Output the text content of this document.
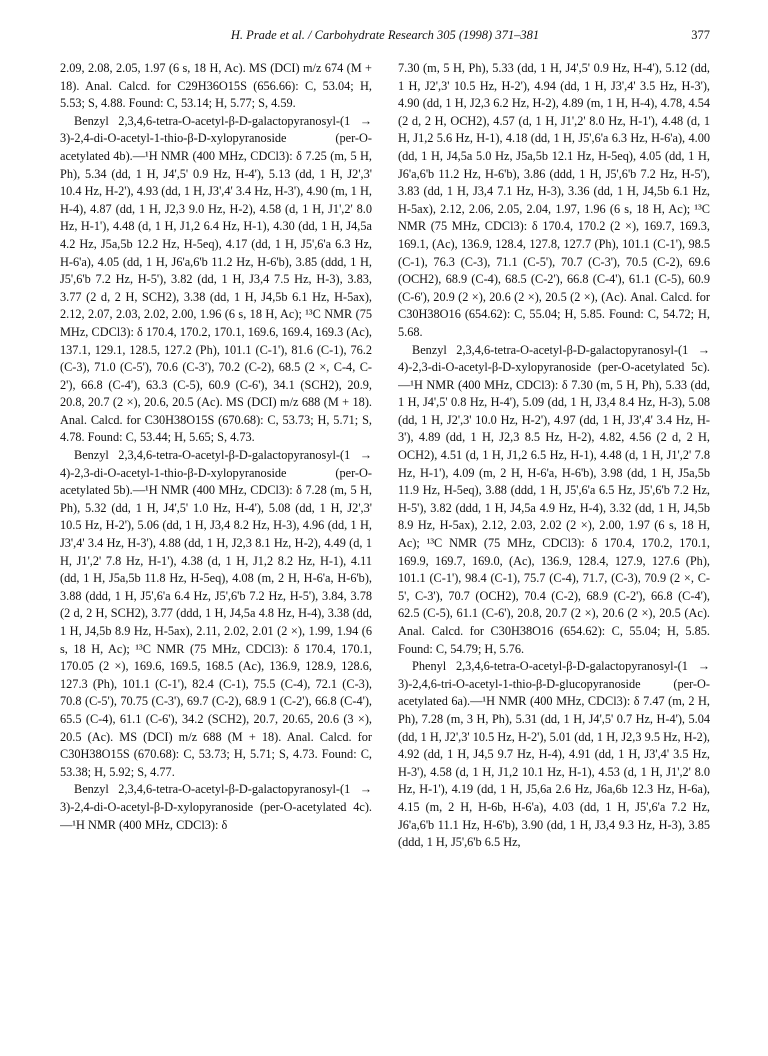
H. Prade et al. / Carbohydrate Research 305 (1998) 371–381	377

2.09, 2.08, 2.05, 1.97 (6 s, 18 H, Ac). MS (DCI) m/z 674 (M + 18). Anal. Calcd. for C29H36O15S (656.66): C, 53.04; H, 5.53; S, 4.88. Found: C, 53.14; H, 5.77; S, 4.59.

Benzyl 2,3,4,6-tetra-O-acetyl-β-D-galactopyranosyl-(1 → 3)-2,4-di-O-acetyl-1-thio-β-D-xylopyranoside (per-O-acetylated 4b).—¹H NMR (400 MHz, CDCl3): δ 7.25 (m, 5 H, Ph), 5.34 (dd, 1 H, J4',5' 0.9 Hz, H-4'), 5.13 (dd, 1 H, J2',3' 10.4 Hz, H-2'), 4.93 (dd, 1 H, J3',4' 3.4 Hz, H-3'), 4.90 (m, 1 H, H-4), 4.87 (dd, 1 H, J2,3 9.0 Hz, H-2), 4.58 (d, 1 H, J1',2' 8.0 Hz, H-1'), 4.48 (d, 1 H, J1,2 6.4 Hz, H-1), 4.30 (dd, 1 H, J4,5a 4.2 Hz, J5a,5b 12.2 Hz, H-5eq), 4.17 (dd, 1 H, J5',6'a 6.3 Hz, H-6'a), 4.05 (dd, 1 H, J6'a,6'b 11.2 Hz, H-6'b), 3.85 (ddd, 1 H, J5',6'b 7.2 Hz, H-5'), 3.82 (dd, 1 H, J3,4 7.5 Hz, H-3), 3.83, 3.77 (2 d, 2 H, SCH2), 3.38 (dd, 1 H, J4,5b 6.1 Hz, H-5ax), 2.12, 2.07, 2.03, 2.02, 2.00, 1.96 (6 s, 18 H, Ac); ¹³C NMR (75 MHz, CDCl3): δ 170.4, 170.2, 170.1, 169.6, 169.4, 169.3 (Ac), 137.1, 129.1, 128.5, 127.2 (Ph), 101.1 (C-1'), 81.6 (C-1), 76.2 (C-3), 71.0 (C-5'), 70.6 (C-3'), 70.2 (C-2), 68.5 (2 ×, C-4, C-2'), 66.8 (C-4'), 63.3 (C-5), 60.9 (C-6'), 34.1 (SCH2), 20.9, 20.8, 20.7 (2 ×), 20.6, 20.5 (Ac). MS (DCI) m/z 688 (M + 18). Anal. Calcd. for C30H38O15S (670.68): C, 53.73; H, 5.71; S, 4.78. Found: C, 53.44; H, 5.65; S, 4.73.

Benzyl 2,3,4,6-tetra-O-acetyl-β-D-galactopyranosyl-(1 → 4)-2,3-di-O-acetyl-1-thio-β-D-xylopyranoside (per-O-acetylated 5b).—¹H NMR (400 MHz, CDCl3): δ 7.28 (m, 5 H, Ph), 5.32 (dd, 1 H, J4',5' 1.0 Hz, H-4'), 5.08 (dd, 1 H, J2',3' 10.5 Hz, H-2'), 5.06 (dd, 1 H, J3,4 8.2 Hz, H-3), 4.96 (dd, 1 H, J3',4' 3.4 Hz, H-3'), 4.88 (dd, 1 H, J2,3 8.1 Hz, H-2), 4.49 (d, 1 H, J1',2' 7.8 Hz, H-1'), 4.38 (d, 1 H, J1,2 8.2 Hz, H-1), 4.11 (dd, 1 H, J5a,5b 11.8 Hz, H-5eq), 4.08 (m, 2 H, H-6'a, H-6'b), 3.88 (ddd, 1 H, J5',6'a 6.4 Hz, J5',6'b 7.2 Hz, H-5'), 3.84, 3.78 (2 d, 2 H, SCH2), 3.77 (ddd, 1 H, J4,5a 4.8 Hz, H-4), 3.38 (dd, 1 H, J4,5b 8.9 Hz, H-5ax), 2.11, 2.02, 2.01 (2 ×), 1.99, 1.94 (6 s, 18 H, Ac); ¹³C NMR (75 MHz, CDCl3): δ 170.4, 170.1, 170.05 (2 ×), 169.6, 169.5, 168.5 (Ac), 136.9, 128.9, 128.6, 127.3 (Ph), 101.1 (C-1'), 82.4 (C-1), 75.5 (C-4), 72.1 (C-3), 70.8 (C-5'), 70.75 (C-3'), 69.7 (C-2), 68.9 1 (C-2'), 66.8 (C-4'), 65.5 (C-4), 61.1 (C-6'), 34.2 (SCH2), 20.7, 20.65, 20.6 (3 ×), 20.5 (Ac). MS (DCI) m/z 688 (M + 18). Anal. Calcd. for C30H38O15S (670.68): C, 53.73; H, 5.71; S, 4.73. Found: C, 53.38; H, 5.92; S, 4.77.

Benzyl 2,3,4,6-tetra-O-acetyl-β-D-galactopyranosyl-(1 → 3)-2,4-di-O-acetyl-β-D-xylopyranoside (per-O-acetylated 4c).—¹H NMR (400 MHz, CDCl3): δ

7.30 (m, 5 H, Ph), 5.33 (dd, 1 H, J4',5' 0.9 Hz, H-4'), 5.12 (dd, 1 H, J2',3' 10.5 Hz, H-2'), 4.94 (dd, 1 H, J3',4' 3.5 Hz, H-3'), 4.90 (dd, 1 H, J2,3 6.2 Hz, H-2), 4.89 (m, 1 H, H-4), 4.78, 4.54 (2 d, 2 H, OCH2), 4.57 (d, 1 H, J1',2' 8.0 Hz, H-1'), 4.48 (d, 1 H, J1,2 5.6 Hz, H-1), 4.18 (dd, 1 H, J5',6'a 6.3 Hz, H-6'a), 4.00 (dd, 1 H, J4,5a 5.0 Hz, J5a,5b 12.1 Hz, H-5eq), 4.05 (dd, 1 H, J6'a,6'b 11.2 Hz, H-6'b), 3.86 (ddd, 1 H, J5',6'b 7.2 Hz, H-5'), 3.83 (dd, 1 H, J3,4 7.1 Hz, H-3), 3.36 (dd, 1 H, J4,5b 6.1 Hz, H-5ax), 2.12, 2.06, 2.05, 2.04, 1.97, 1.96 (6 s, 18 H, Ac); ¹³C NMR (75 MHz, CDCl3): δ 170.4, 170.2 (2 ×), 169.7, 169.3, 169.1, (Ac), 136.9, 128.4, 127.8, 127.7 (Ph), 101.1 (C-1'), 98.5 (C-1), 76.3 (C-3), 71.1 (C-5'), 70.7 (C-3'), 70.5 (C-2), 69.6 (OCH2), 68.9 (C-4), 68.5 (C-2'), 66.8 (C-4'), 61.1 (C-5), 60.9 (C-6'), 20.9 (2 ×), 20.6 (2 ×), 20.5 (2 ×), (Ac). Anal. Calcd. for C30H38O16 (654.62): C, 55.04; H, 5.85. Found: C, 54.72; H, 5.68.

Benzyl 2,3,4,6-tetra-O-acetyl-β-D-galactopyranosyl-(1 → 4)-2,3-di-O-acetyl-β-D-xylopyranoside (per-O-acetylated 5c).—¹H NMR (400 MHz, CDCl3): δ 7.30 (m, 5 H, Ph), 5.33 (dd, 1 H, J4',5' 0.8 Hz, H-4'), 5.09 (dd, 1 H, J3,4 8.4 Hz, H-3), 5.08 (dd, 1 H, J2',3' 10.0 Hz, H-2'), 4.97 (dd, 1 H, J3',4' 3.4 Hz, H-3'), 4.89 (dd, 1 H, J2,3 8.5 Hz, H-2), 4.82, 4.56 (2 d, 2 H, OCH2), 4.51 (d, 1 H, J1,2 6.5 Hz, H-1), 4.48 (d, 1 H, J1',2' 7.8 Hz, H-1'), 4.09 (m, 2 H, H-6'a, H-6'b), 3.98 (dd, 1 H, J5a,5b 11.9 Hz, H-5eq), 3.88 (ddd, 1 H, J5',6'a 6.5 Hz, J5',6'b 7.2 Hz, H-5'), 3.82 (ddd, 1 H, J4,5a 4.9 Hz, H-4), 3.32 (dd, 1 H, J4,5b 8.9 Hz, H-5ax), 2.12, 2.03, 2.02 (2 ×), 2.00, 1.97 (6 s, 18 H, Ac); ¹³C NMR (75 MHz, CDCl3): δ 170.4, 170.2, 170.1, 169.9, 169.7, 169.0, (Ac), 136.9, 128.4, 127.9, 127.6 (Ph), 101.1 (C-1'), 98.4 (C-1), 75.7 (C-4), 71.7, (C-3), 70.9 (2 ×, C-5', C-3'), 70.7 (OCH2), 70.4 (C-2), 68.9 (C-2'), 66.8 (C-4'), 62.5 (C-5), 61.1 (C-6'), 20.8, 20.7 (2 ×), 20.6 (2 ×), 20.5 (Ac). Anal. Calcd. for C30H38O16 (654.62): C, 55.04; H, 5.85. Found: C, 54.79; H, 5.76.

Phenyl 2,3,4,6-tetra-O-acetyl-β-D-galactopyranosyl-(1 → 3)-2,4,6-tri-O-acetyl-1-thio-β-D-glucopyranoside (per-O-acetylated 6a).—¹H NMR (400 MHz, CDCl3): δ 7.47 (m, 2 H, Ph), 7.28 (m, 3 H, Ph), 5.31 (dd, 1 H, J4',5' 0.7 Hz, H-4'), 5.04 (dd, 1 H, J2',3' 10.5 Hz, H-2'), 5.01 (dd, 1 H, J2,3 9.5 Hz, H-2), 4.92 (dd, 1 H, J4,5 9.7 Hz, H-4), 4.91 (dd, 1 H, J3',4' 3.5 Hz, H-3'), 4.58 (d, 1 H, J1,2 10.1 Hz, H-1), 4.53 (d, 1 H, J1',2' 8.0 Hz, H-1'), 4.19 (dd, 1 H, J5,6a 2.6 Hz, J6a,6b 12.3 Hz, H-6a), 4.15 (m, 2 H, H-6b, H-6'a), 4.03 (dd, 1 H, J5',6'a 7.2 Hz, J6'a,6'b 11.1 Hz, H-6'b), 3.90 (dd, 1 H, J3,4 9.3 Hz, H-3), 3.85 (ddd, 1 H, J5',6'b 6.5 Hz,
